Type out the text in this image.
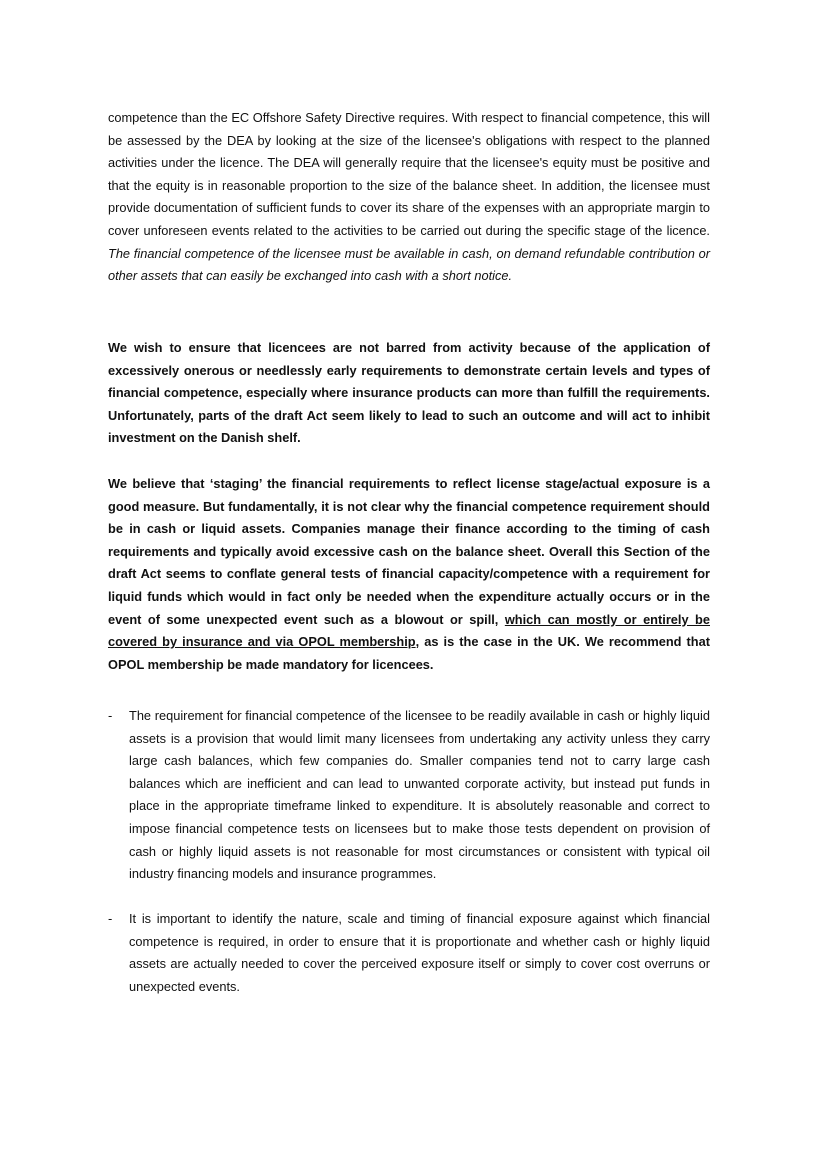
competence than the EC Offshore Safety Directive requires. With respect to financial competence, this will be assessed by the DEA by looking at the size of the licensee's obligations with respect to the planned activities under the licence. The DEA will generally require that the licensee's equity must be positive and that the equity is in reasonable proportion to the size of the balance sheet. In addition, the licensee must provide documentation of sufficient funds to cover its share of the expenses with an appropriate margin to cover unforeseen events related to the activities to be carried out during the specific stage of the licence. The financial competence of the licensee must be available in cash, on demand refundable contribution or other assets that can easily be exchanged into cash with a short notice.

We wish to ensure that licencees are not barred from activity because of the application of excessively onerous or needlessly early requirements to demonstrate certain levels and types of financial competence, especially where insurance products can more than fulfill the requirements. Unfortunately, parts of the draft Act seem likely to lead to such an outcome and will act to inhibit investment on the Danish shelf.

We believe that ‘staging’ the financial requirements to reflect license stage/actual exposure is a good measure. But fundamentally, it is not clear why the financial competence requirement should be in cash or liquid assets. Companies manage their finance according to the timing of cash requirements and typically avoid excessive cash on the balance sheet. Overall this Section of the draft Act seems to conflate general tests of financial capacity/competence with a requirement for liquid funds which would in fact only be needed when the expenditure actually occurs or in the event of some unexpected event such as a blowout or spill, which can mostly or entirely be covered by insurance and via OPOL membership, as is the case in the UK. We recommend that OPOL membership be made mandatory for licencees.

-	The requirement for financial competence of the licensee to be readily available in cash or highly liquid assets is a provision that would limit many licensees from undertaking any activity unless they carry large cash balances, which few companies do. Smaller companies tend not to carry large cash balances which are inefficient and can lead to unwanted corporate activity, but instead put funds in place in the appropriate timeframe linked to expenditure. It is absolutely reasonable and correct to impose financial competence tests on licensees but to make those tests dependent on provision of cash or highly liquid assets is not reasonable for most circumstances or consistent with typical oil industry financing models and insurance programmes.
-	It is important to identify the nature, scale and timing of financial exposure against which financial competence is required, in order to ensure that it is proportionate and whether cash or highly liquid assets are actually needed to cover the perceived exposure itself or simply to cover cost overruns or unexpected events.
